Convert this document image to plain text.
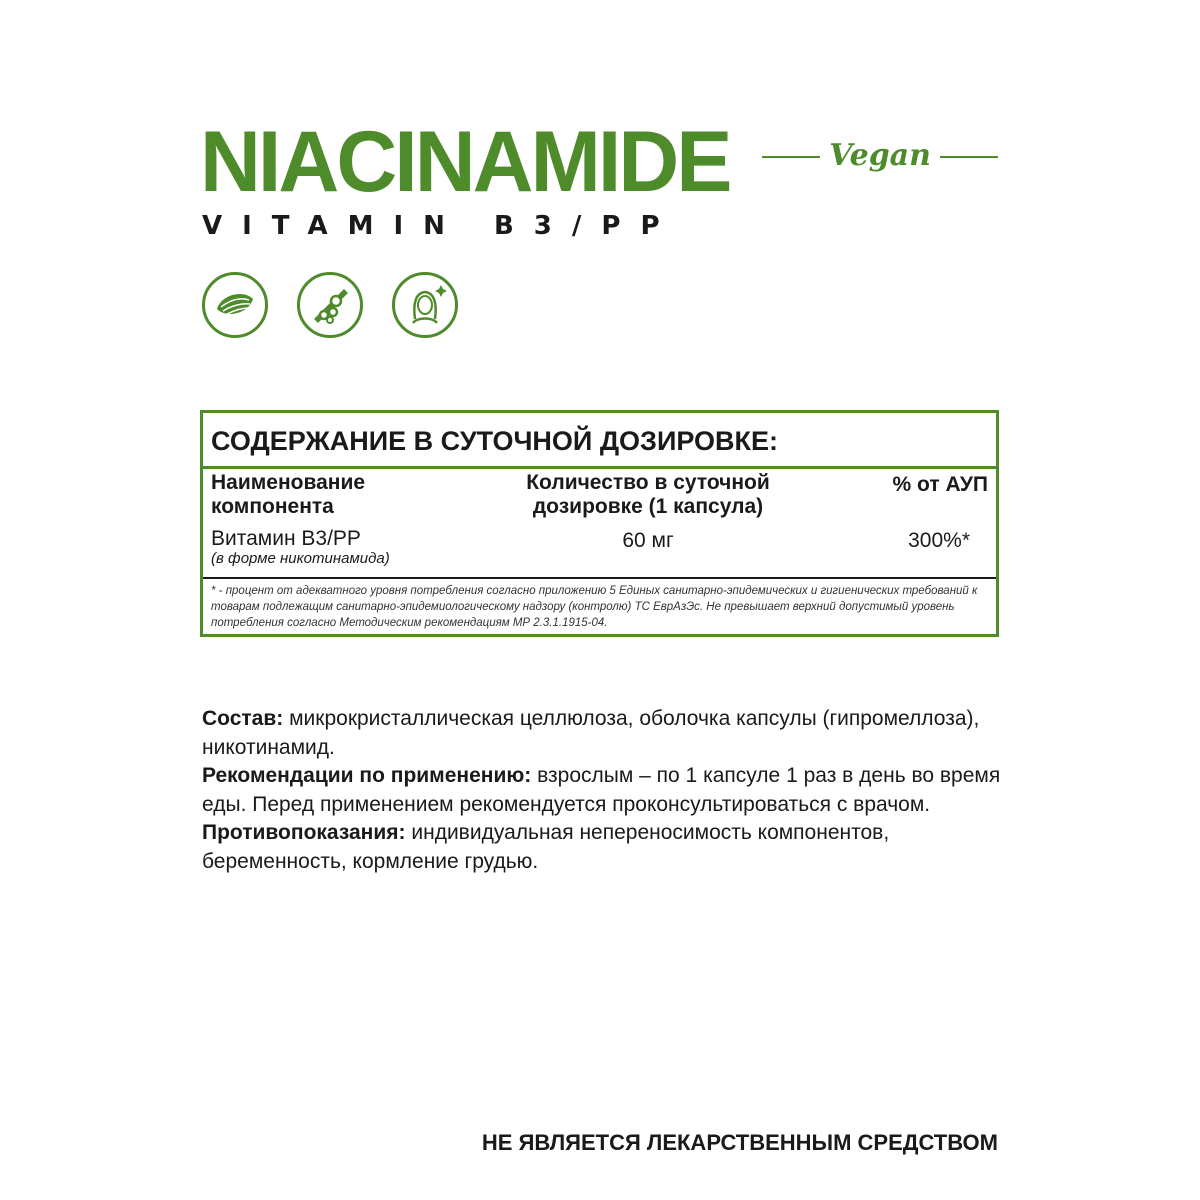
NIACINAMIDE	Vegan
VITAMIN B3/PP
СОДЕРЖАНИЕ В СУТОЧНОЙ ДОЗИРОВКЕ:
Наименование
компонента
Количество в суточной
дозировке (1 капсула)
% от АУП
Витамин B3/PP
(в форме никотинамида)
60 мг	300%*

* - процент от адекватного уровня потребления согласно приложению 5 Единых санитарно-эпидемических и гигиенических требований к товарам подлежащим санитарно-эпидемиологическому надзору (контролю) ТС ЕврАзЭс. Не превышает верхний допустимый уровень потребления согласно Методическим рекомендациям МР 2.3.1.1915-04.

Состав: микрокристаллическая целлюлоза, оболочка капсулы (гипромеллоза), никотинамид.

Рекомендации по применению: взрослым – по 1 капсуле 1 раз в день во время еды. Перед применением рекомендуется проконсультироваться с врачом.

Противопоказания: индивидуальная непереносимость компонентов, беременность, кормление грудью.

НЕ ЯВЛЯЕТСЯ ЛЕКАРСТВЕННЫМ СРЕДСТВОМ
